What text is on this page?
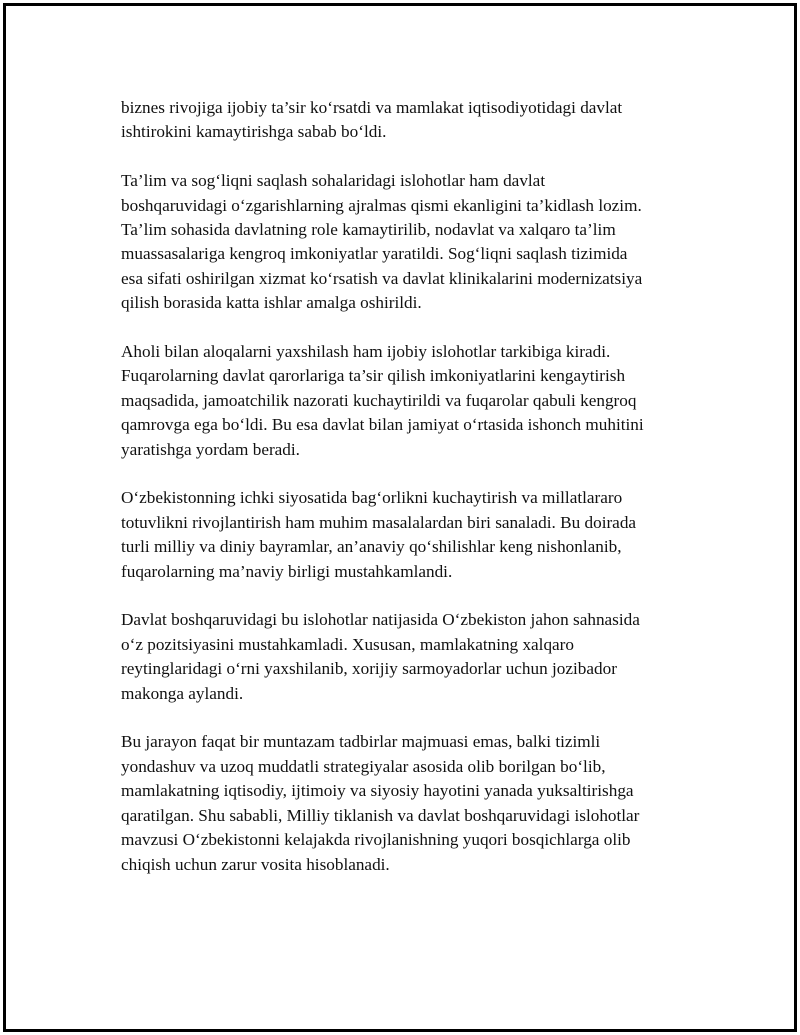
biznes rivojiga ijobiy ta’sir ko‘rsatdi va mamlakat iqtisodiyotidagi davlat
ishtirokini kamaytirishga sabab bo‘ldi.

Ta’lim va sog‘liqni saqlash sohalaridagi islohotlar ham davlat
boshqaruvidagi o‘zgarishlarning ajralmas qismi ekanligini ta’kidlash lozim.
Ta’lim sohasida davlatning role kamaytirilib, nodavlat va xalqaro ta’lim
muassasalariga kengroq imkoniyatlar yaratildi. Sog‘liqni saqlash tizimida
esa sifati oshirilgan xizmat ko‘rsatish va davlat klinikalarini modernizatsiya
qilish borasida katta ishlar amalga oshirildi.

Aholi bilan aloqalarni yaxshilash ham ijobiy islohotlar tarkibiga kiradi.
Fuqarolarning davlat qarorlariga ta’sir qilish imkoniyatlarini kengaytirish
maqsadida, jamoatchilik nazorati kuchaytirildi va fuqarolar qabuli kengroq
qamrovga ega bo‘ldi. Bu esa davlat bilan jamiyat o‘rtasida ishonch muhitini
yaratishga yordam beradi.

O‘zbekistonning ichki siyosatida bag‘orlikni kuchaytirish va millatlararo
totuvlikni rivojlantirish ham muhim masalalardan biri sanaladi. Bu doirada
turli milliy va diniy bayramlar, an’anaviy qo‘shilishlar keng nishonlanib,
fuqarolarning ma’naviy birligi mustahkamlandi.

Davlat boshqaruvidagi bu islohotlar natijasida O‘zbekiston jahon sahnasida
o‘z pozitsiyasini mustahkamladi. Xususan, mamlakatning xalqaro
reytinglaridagi o‘rni yaxshilanib, xorijiy sarmoyadorlar uchun jozibador
makonga aylandi.

Bu jarayon faqat bir muntazam tadbirlar majmuasi emas, balki tizimli
yondashuv va uzoq muddatli strategiyalar asosida olib borilgan bo‘lib,
mamlakatning iqtisodiy, ijtimoiy va siyosiy hayotini yanada yuksaltirishga
qaratilgan. Shu sababli, Milliy tiklanish va davlat boshqaruvidagi islohotlar
mavzusi O‘zbekistonni kelajakda rivojlanishning yuqori bosqichlarga olib
chiqish uchun zarur vosita hisoblanadi.
